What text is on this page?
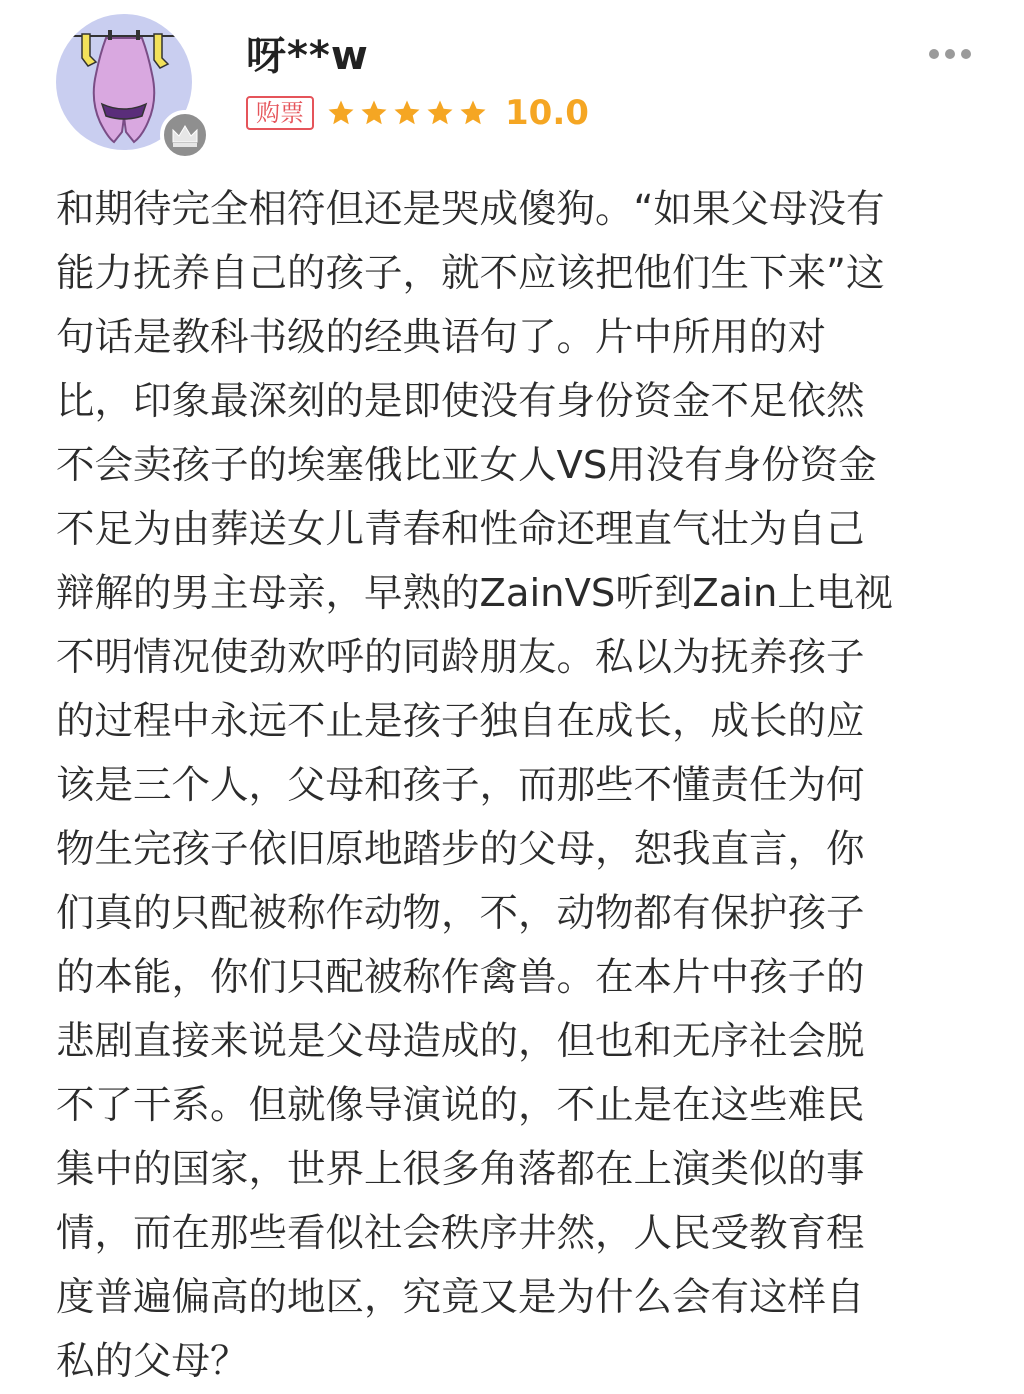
呀**w
购票	10.0
和期待完全相符但还是哭成傻狗。“如果父母没有
能力抚养自己的孩子，就不应该把他们生下来”这
句话是教科书级的经典语句了。片中所用的对
比，印象最深刻的是即使没有身份资金不足依然
不会卖孩子的埃塞俄比亚女人VS用没有身份资金
不足为由葬送女儿青春和性命还理直气壮为自己
辩解的男主母亲，早熟的ZainVS听到Zain上电视
不明情况使劲欢呼的同龄朋友。私以为抚养孩子
的过程中永远不止是孩子独自在成长，成长的应
该是三个人，父母和孩子，而那些不懂责任为何
物生完孩子依旧原地踏步的父母，恕我直言，你
们真的只配被称作动物，不，动物都有保护孩子
的本能，你们只配被称作禽兽。在本片中孩子的
悲剧直接来说是父母造成的，但也和无序社会脱
不了干系。但就像导演说的，不止是在这些难民
集中的国家，世界上很多角落都在上演类似的事
情，而在那些看似社会秩序井然，人民受教育程
度普遍偏高的地区，究竟又是为什么会有这样自
私的父母？
